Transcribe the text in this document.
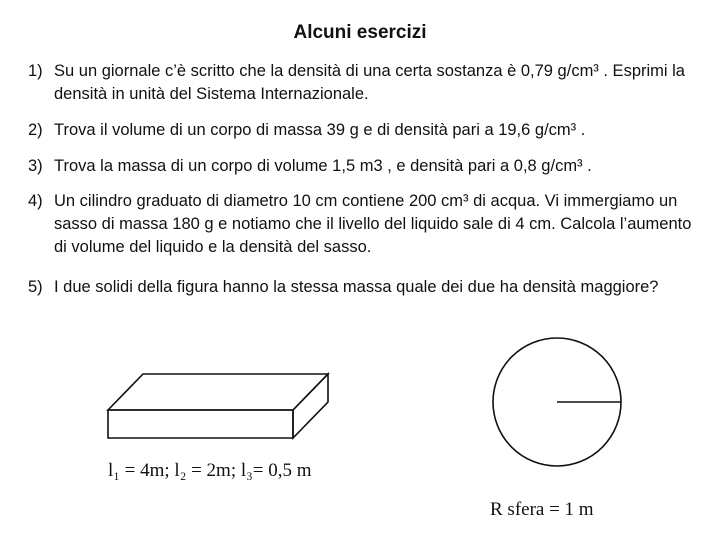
Alcuni esercizi
1) Su un giornale c’è scritto che la densità di una certa sostanza è 0,79 g/cm³ . Esprimi la densità in unità del Sistema Internazionale.
2) Trova il volume di un corpo di massa 39 g e di densità pari a 19,6 g/cm³ .
3) Trova la massa di un corpo di volume 1,5 m3 , e densità pari a 0,8 g/cm³ .
4) Un cilindro graduato di diametro 10 cm contiene 200 cm³ di acqua. Vi immergiamo un sasso di massa 180 g e notiamo che il livello del liquido sale di 4 cm. Calcola l’aumento di volume del liquido e la densità del sasso.
5) I due solidi della figura hanno la stessa massa quale dei due ha densità maggiore?
l₁ = 4m; l₂ = 2m; l₃= 0,5 m
R sfera = 1 m
